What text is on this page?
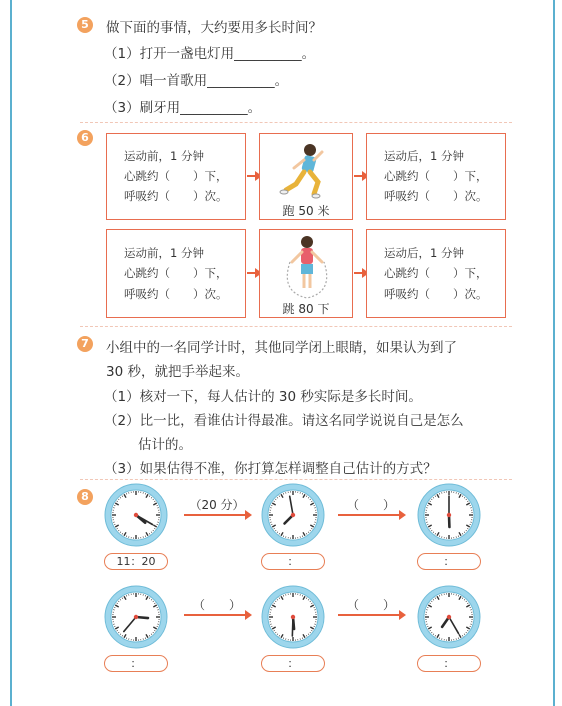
5	做下面的事情，大约要用多长时间？
（1）打开一盏电灯用__________。
（2）唱一首歌用__________。
（3）刷牙用__________。
6
运动前，1 分钟
心跳约（　　）下，
呼吸约（　　）次。
跑 50 米
运动后，1 分钟
心跳约（　　）下，
呼吸约（　　）次。
运动前，1 分钟
心跳约（　　）下，
呼吸约（　　）次。
跳 80 下
运动后，1 分钟
心跳约（　　）下，
呼吸约（　　）次。
7	小组中的一名同学计时，其他同学闭上眼睛，如果认为到了
30 秒，就把手举起来。
（1）核对一下，每人估计的 30 秒实际是多长时间。
（2）比一比，看谁估计得最准。请这名同学说说自己是怎么
估计的。
（3）如果估得不准，你打算怎样调整自己估计的方式？
8
（20 分）	（　　）
11：20	：	：
（　　）	（　　）
：	：	：
